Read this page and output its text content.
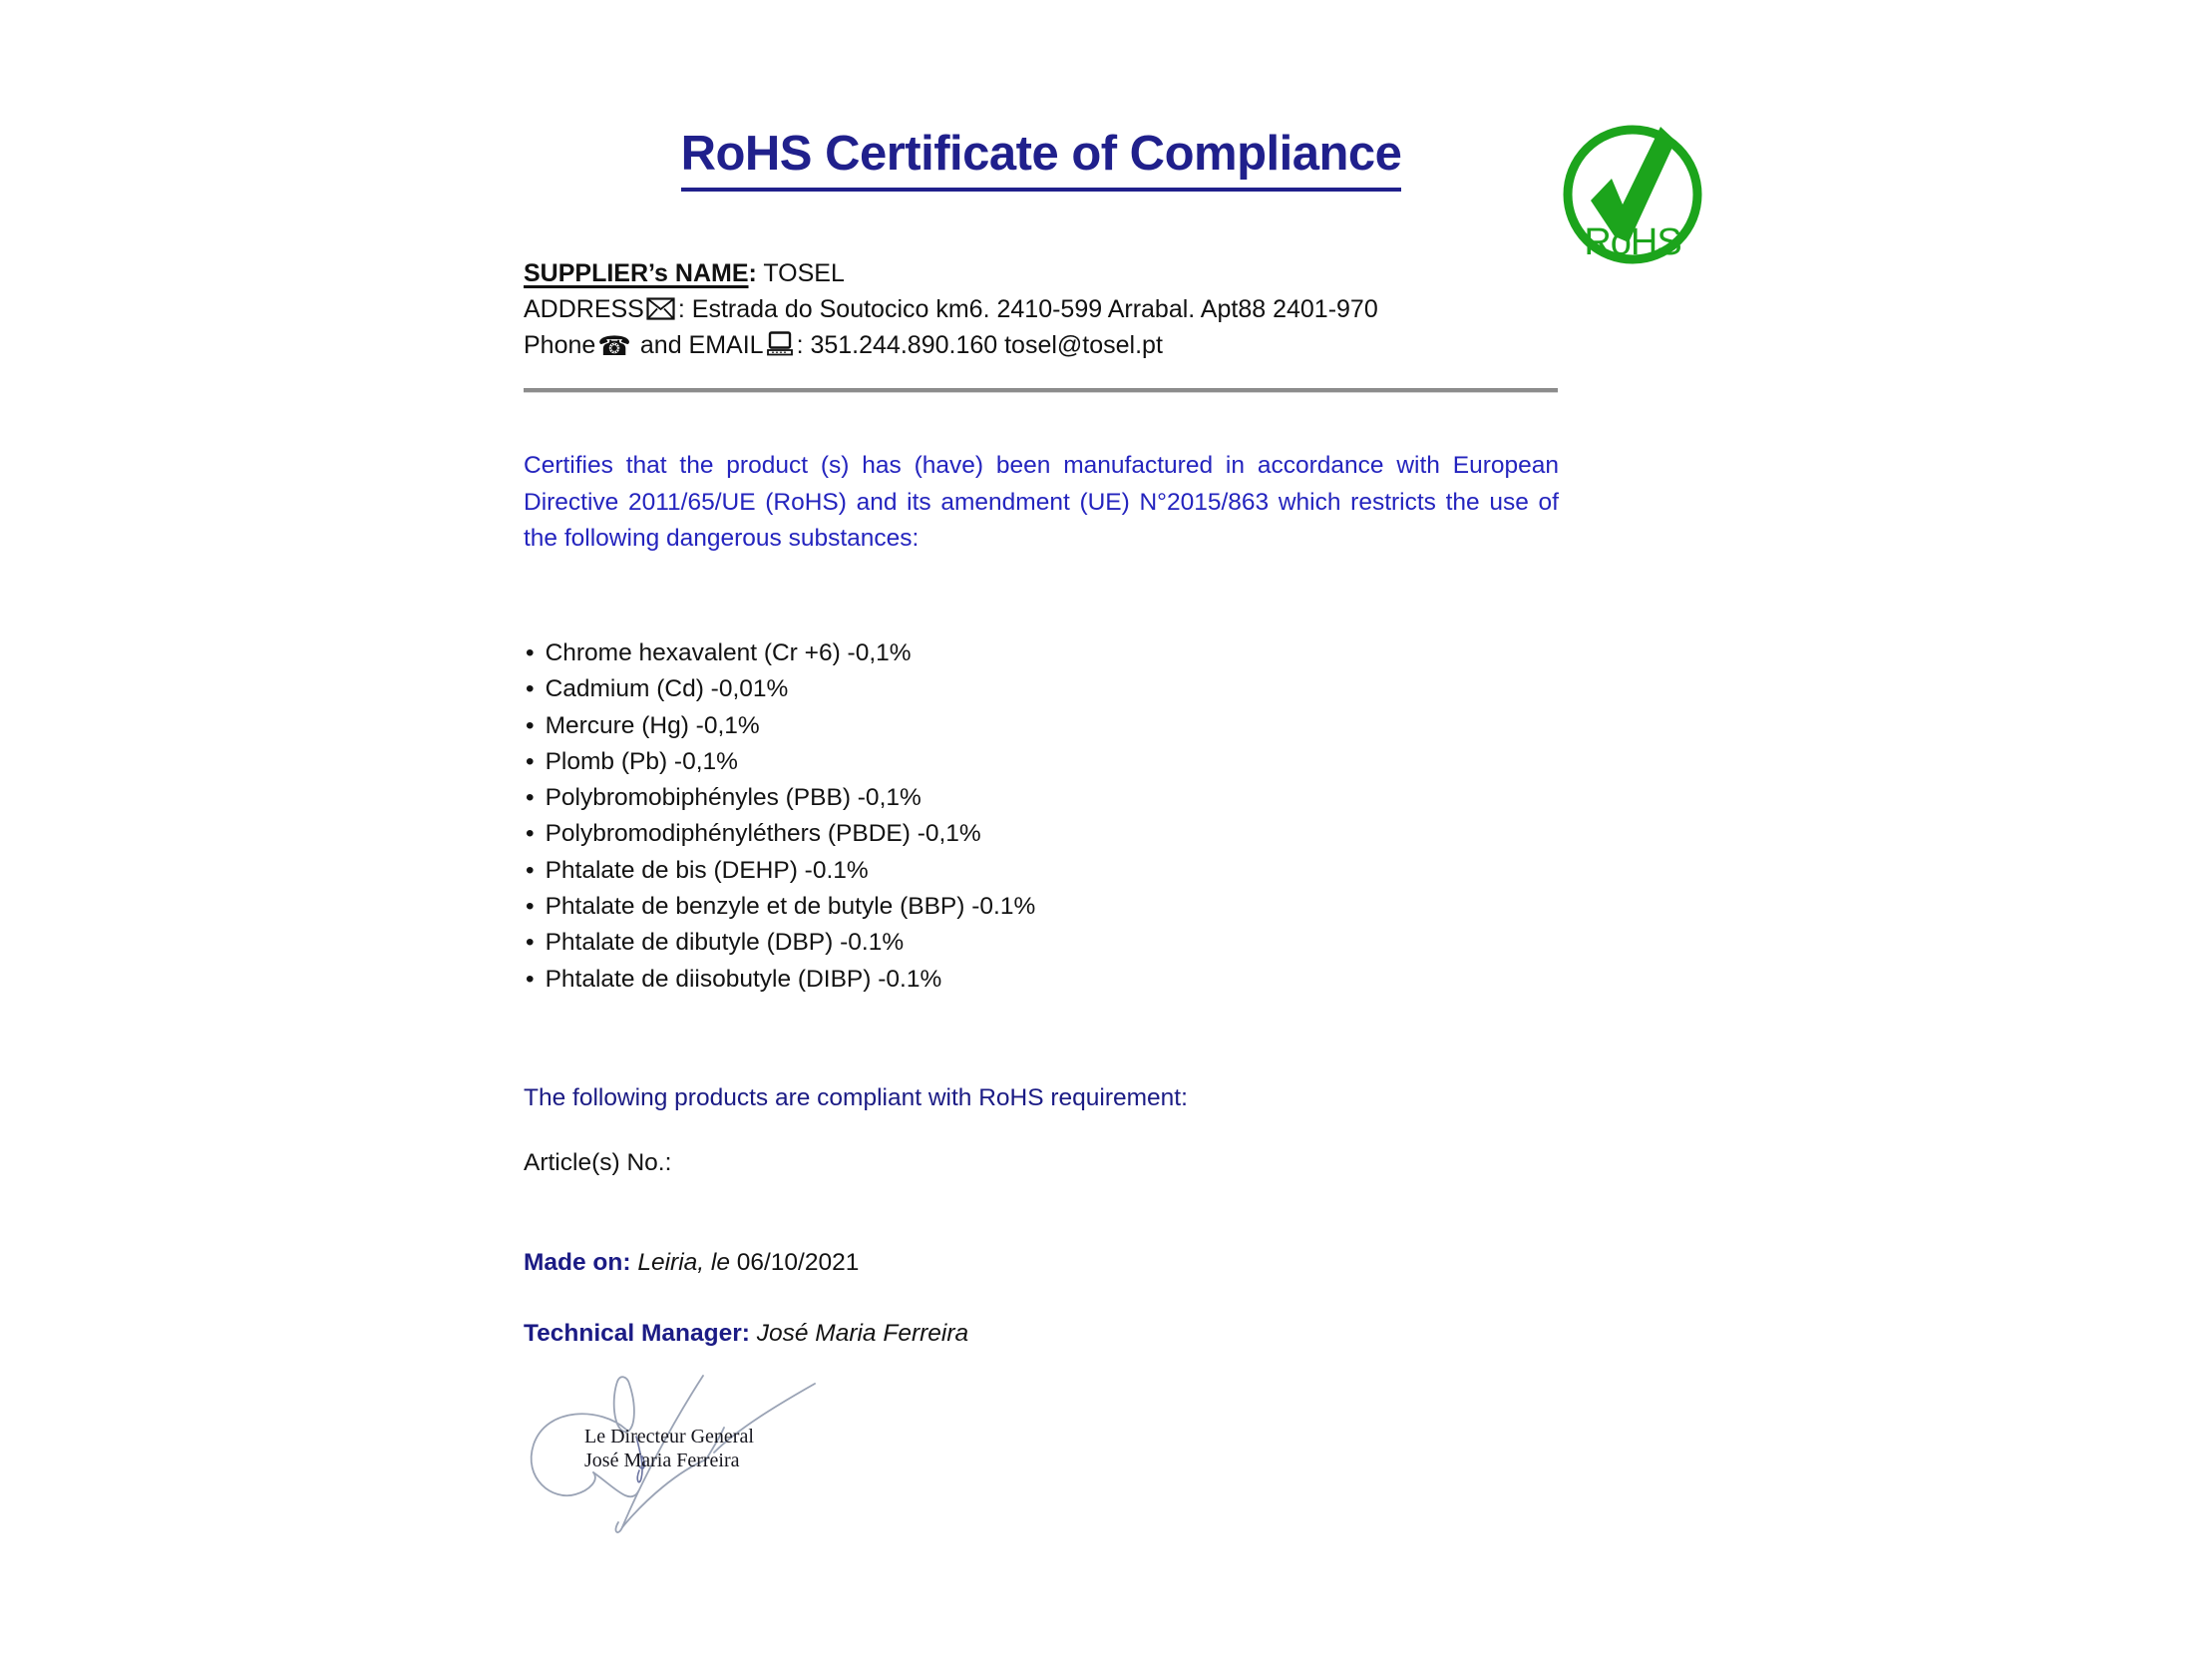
RoHS Certificate of Compliance
RoHS

SUPPLIER’s NAME: TOSEL

ADDRESS : Estrada do Soutocico km6. 2410-599 Arrabal. Apt88 2401-970

Phone☎ and EMAIL : 351.244.890.160 tosel@tosel.pt

Certifies that the product (s) has (have) been manufactured in accordance with European Directive 2011/65/UE (RoHS) and its amendment (UE) N°2015/863 which restricts the use of the following dangerous substances:

• Chrome hexavalent (Cr +6) -0,1%
• Cadmium (Cd) -0,01%
• Mercure (Hg) -0,1%
• Plomb (Pb) -0,1%
• Polybromobiphényles (PBB) -0,1%
• Polybromodiphényléthers (PBDE) -0,1%
• Phtalate de bis (DEHP) -0.1%
• Phtalate de benzyle et de butyle (BBP) -0.1%
• Phtalate de dibutyle (DBP) -0.1%
• Phtalate de diisobutyle (DIBP) -0.1%

The following products are compliant with RoHS requirement:

Article(s) No.:

Made on: Leiria, le 06/10/2021

Technical Manager: José Maria Ferreira

Le Directeur General

José Maria Ferreira
